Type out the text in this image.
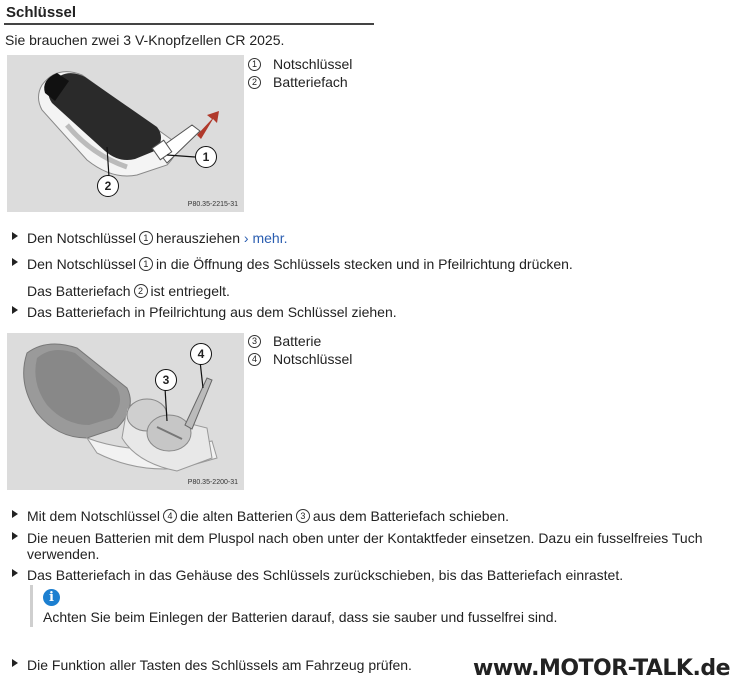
Schlüssel
Sie brauchen zwei 3 V-Knopfzellen CR 2025.
1
2
P80.35-2215-31
1 Notschlüssel
2 Batteriefach
Den Notschlüssel 1 herausziehen › mehr.
Den Notschlüssel 1 in die Öffnung des Schlüssels stecken und in Pfeilrichtung drücken.
Das Batteriefach 2 ist entriegelt.
Das Batteriefach in Pfeilrichtung aus dem Schlüssel ziehen.
3
4
P80.35-2200-31
3 Batterie
4 Notschlüssel
Mit dem Notschlüssel 4 die alten Batterien 3 aus dem Batteriefach schieben.
Die neuen Batterien mit dem Pluspol nach oben unter der Kontaktfeder einsetzen. Dazu ein fusselfreies Tuch
verwenden.
Das Batteriefach in das Gehäuse des Schlüssels zurückschieben, bis das Batteriefach einrastet.
i
Achten Sie beim Einlegen der Batterien darauf, dass sie sauber und fusselfrei sind.
Die Funktion aller Tasten des Schlüssels am Fahrzeug prüfen.	www.MOTOR-TALK.de
